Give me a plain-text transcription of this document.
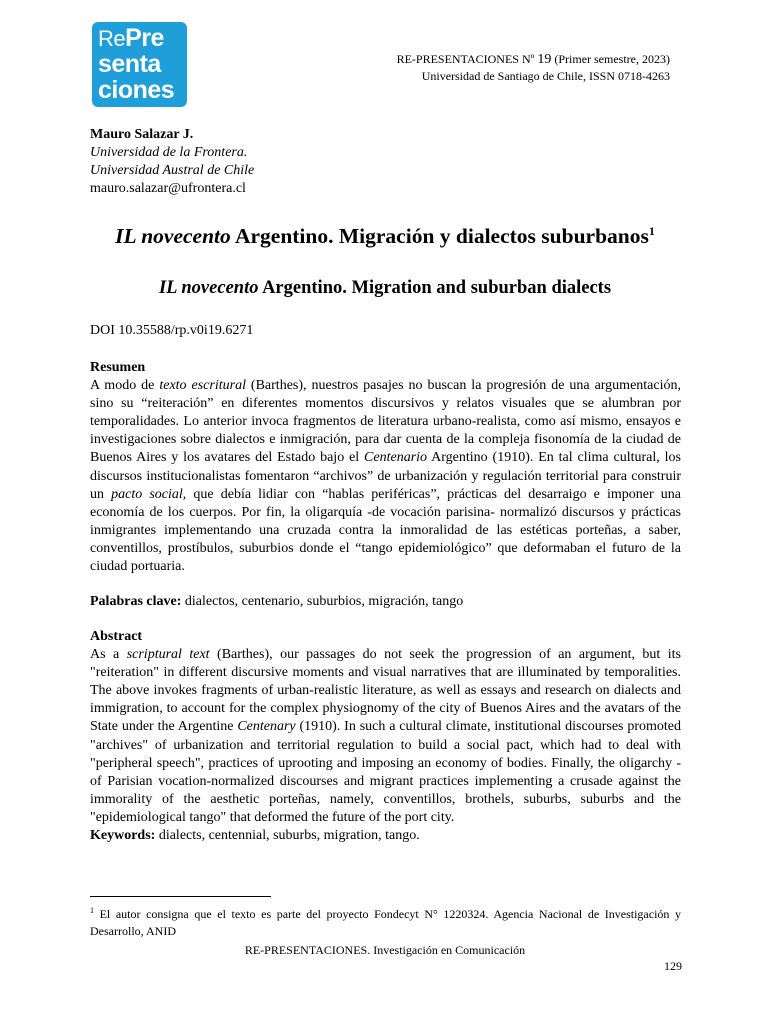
RePre
senta
ciones
RE-PRESENTACIONES Nº 19 (Primer semestre, 2023)
Universidad de Santiago de Chile, ISSN 0718-4263
Mauro Salazar J.
Universidad de la Frontera.
Universidad Austral de Chile
mauro.salazar@ufrontera.cl
IL novecento Argentino. Migración y dialectos suburbanos$^1$
IL novecento Argentino. Migration and suburban dialects
DOI 10.35588/rp.v0i19.6271
Resumen
A modo de texto escritural (Barthes), nuestros pasajes no buscan la progresión de una argumentación, sino su “reiteración” en diferentes momentos discursivos y relatos visuales que se alumbran por temporalidades. Lo anterior invoca fragmentos de literatura urbano-realista, como así mismo, ensayos e investigaciones sobre dialectos e inmigración, para dar cuenta de la compleja fisonomía de la ciudad de Buenos Aires y los avatares del Estado bajo el Centenario Argentino (1910). En tal clima cultural, los discursos institucionalistas fomentaron “archivos” de urbanización y regulación territorial para construir un pacto social, que debía lidiar con “hablas periféricas”, prácticas del desarraigo e imponer una economía de los cuerpos. Por fin, la oligarquía -de vocación parisina- normalizó discursos y prácticas inmigrantes implementando una cruzada contra la inmoralidad de las estéticas porteñas, a saber, conventillos, prostíbulos, suburbios donde el “tango epidemiológico” que deformaban el futuro de la ciudad portuaria.
Palabras clave: dialectos, centenario, suburbios, migración, tango
Abstract
As a scriptural text (Barthes), our passages do not seek the progression of an argument, but its "reiteration" in different discursive moments and visual narratives that are illuminated by temporalities. The above invokes fragments of urban-realistic literature, as well as essays and research on dialects and immigration, to account for the complex physiognomy of the city of Buenos Aires and the avatars of the State under the Argentine Centenary (1910). In such a cultural climate, institutional discourses promoted "archives" of urbanization and territorial regulation to build a social pact, which had to deal with "peripheral speech", practices of uprooting and imposing an economy of bodies. Finally, the oligarchy -of Parisian vocation-normalized discourses and migrant practices implementing a crusade against the immorality of the aesthetic porteñas, namely, conventillos, brothels, suburbs, suburbs and the "epidemiological tango" that deformed the future of the port city.
Keywords: dialects, centennial, suburbs, migration, tango.
$^1$ El autor consigna que el texto es parte del proyecto Fondecyt N° 1220324. Agencia Nacional de Investigación y Desarrollo, ANID
RE-PRESENTACIONES. Investigación en Comunicación
129
